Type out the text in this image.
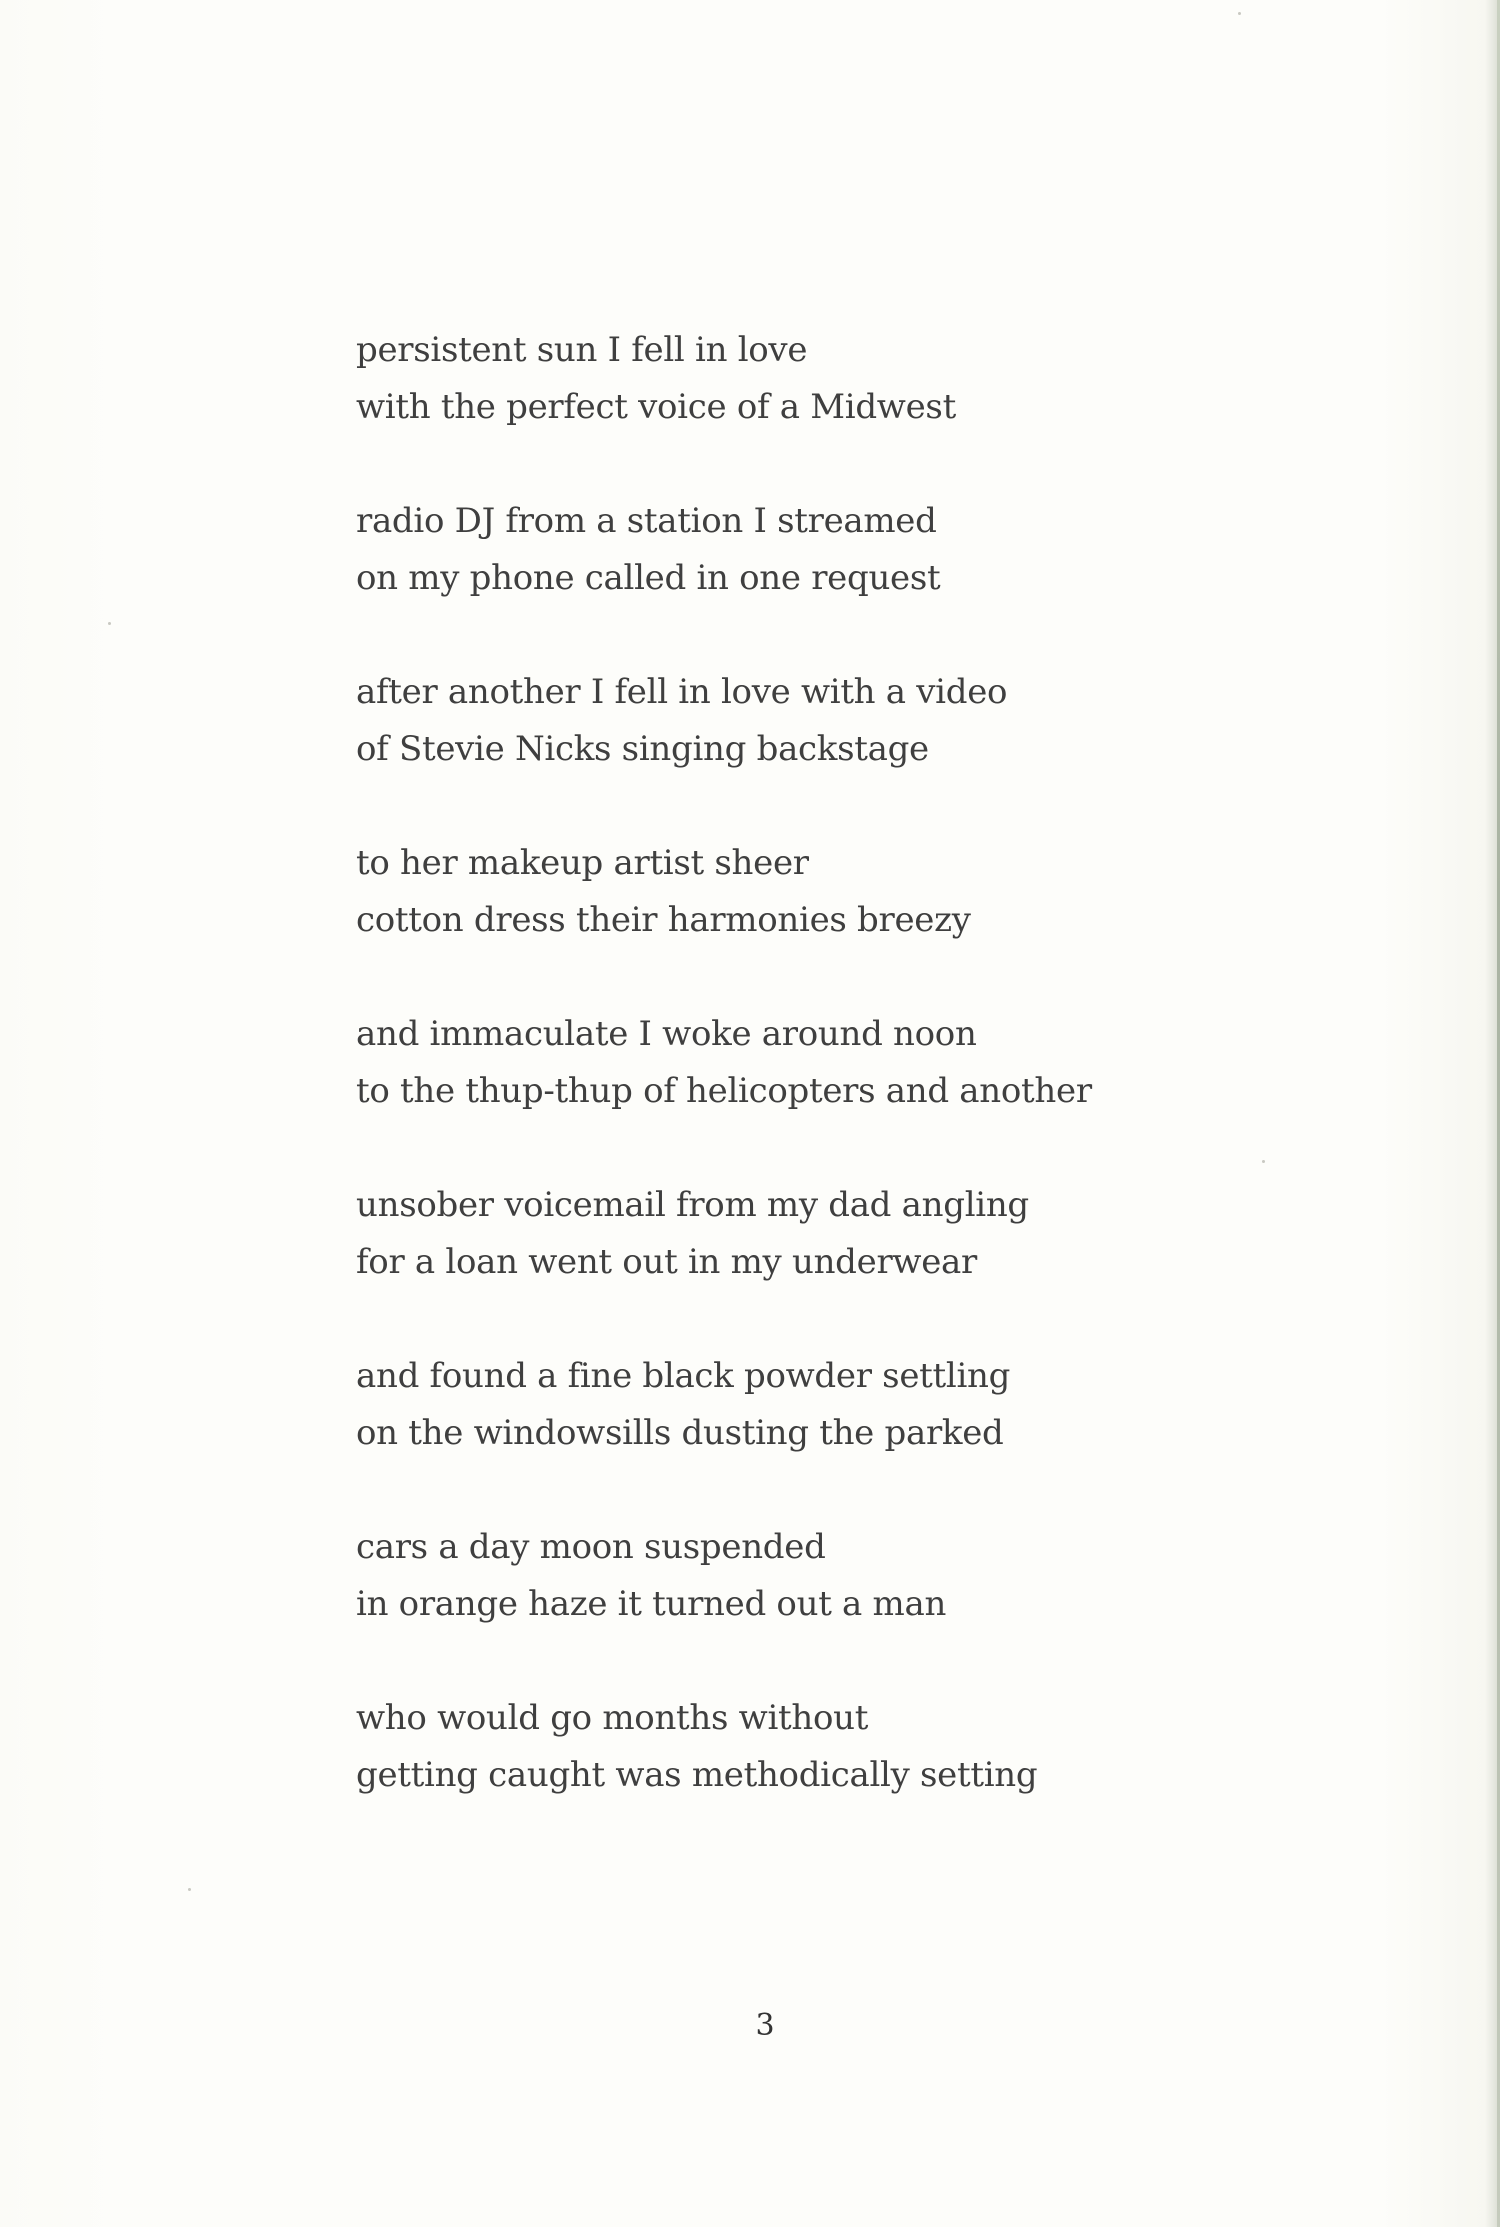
persistent sun I fell in love
with the perfect voice of a Midwest
radio DJ from a station I streamed
on my phone called in one request
after another I fell in love with a video
of Stevie Nicks singing backstage
to her makeup artist sheer
cotton dress their harmonies breezy
and immaculate I woke around noon
to the thup-thup of helicopters and another
unsober voicemail from my dad angling
for a loan went out in my underwear
and found a fine black powder settling
on the windowsills dusting the parked
cars a day moon suspended
in orange haze it turned out a man
who would go months without
getting caught was methodically setting
3
